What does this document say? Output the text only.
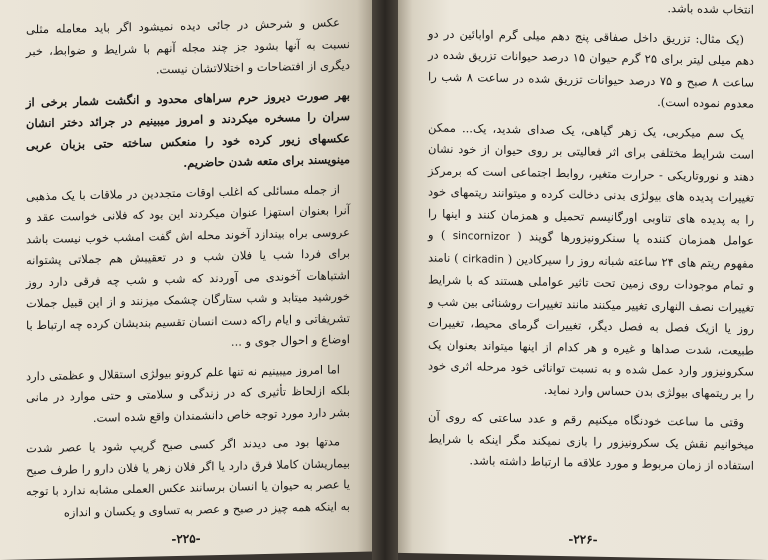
عکس و شرحش در جائی دیده نمیشود اگر باید معامله مثلی نسبت به آنها بشود جز چند مجله آنهم با شرایط و ضوابط، خبر دیگری از افتضاحات و اختلالاتشان نیست.

بهر صورت دیروز حرم سراهای محدود و انگشت شمار برخی از سران را مسخره میکردند و امروز میبینیم در جرائد دختر انشان عکسهای زیور کرده خود را منعکس ساخته حتی بزبان عربی مینویسند برای متعه شدن حاضریم.

از جمله مسائلی که اغلب اوقات متجددین در ملاقات با یک مذهبی آنرا بعنوان استهزا عنوان میکردند این بود که فلانی خواست عقد و عروسی براه بیندازد آخوند محله اش گفت امشب خوب نیست باشد برای فردا شب یا فلان شب و در تعقیبش هم جملاتی پشتوانه اشتباهات آخوندی می آوردند که شب و شب چه فرقی دارد روز خورشید میتابد و شب ستارگان چشمک میزنند و از این قبیل جملات تشریفاتی و ایام راکه دست انسان تقسیم بندیشان کرده چه ارتباط با اوضاع و احوال جوی و ...

اما امروز میبینیم نه تنها علم کرونو بیولژی استقلال و عظمتی دارد بلکه ازلحاظ تأثیری که در زندگی و سلامتی و حتی موارد در مانی بشر دارد مورد توجه خاص دانشمندان واقع شده است.

مدتها بود می دیدند اگر کسی صبح گریپ شود یا عصر شدت بیماریشان کاملا فرق دارد یا اگر فلان زهر یا فلان دارو را طرف صبح یا عصر به حیوان یا انسان برسانند عکس العملی مشابه ندارد با توجه به اینکه همه چیز در صبح و عصر به تساوی و یکسان و اندازه

-۲۲۵-

انتخاب شده باشد.

(یک مثال: تزریق داخل صفاقی پنج دهم میلی گرم اوابائین در دو دهم میلی لیتر برای ۲۵ گرم حیوان ۱۵ درصد حیوانات تزریق شده در ساعت ۸ صبح و ۷۵ درصد حیوانات تزریق شده در ساعت ۸ شب را معدوم نموده است).

یک سم میکربی، یک زهر گیاهی، یک صدای شدید، یک... ممکن است شرایط مختلفی برای اثر فعالیتی بر روی حیوان از خود نشان دهند و نوروتاریکی - حرارت متغیر، روابط اجتماعی است که برمرکز تغییرات پدیده های بیولژی بدنی دخالت کرده و میتوانند ریتمهای خود را به پدیده های تناوبی اورگانیسم تحمیل و همزمان کنند و اینها را عوامل همزمان کننده یا سنکرونیزورها گویند ( sincornizor ) و مفهوم ریتم های ۲۴ ساعته شبانه روز را سیرکادین ( cirkadin ) نامند و تمام موجودات روی زمین تحت تاثیر عواملی هستند که با شرایط تغییرات نصف النهاری تغییر میکنند مانند تغییرات روشنائی بین شب و روز یا ازیک فصل به فصل دیگر، تغییرات گرمای محیط، تغییرات طبیعت، شدت صداها و غیره و هر کدام از اینها میتواند بعنوان یک سکرونیزور وارد عمل شده و به نسبت توانائی خود مرحله اثری خود را بر ریتمهای بیولژی بدن حساس وارد نماید.

وقتی ما ساعت خودنگاه میکنیم رقم و عدد ساعتی که روی آن میخوانیم نقش یک سکرونیزور را بازی نمیکند مگر اینکه با شرایط استفاده از زمان مربوط و مورد علاقه ما ارتباط داشته باشد.

-۲۲۶-
